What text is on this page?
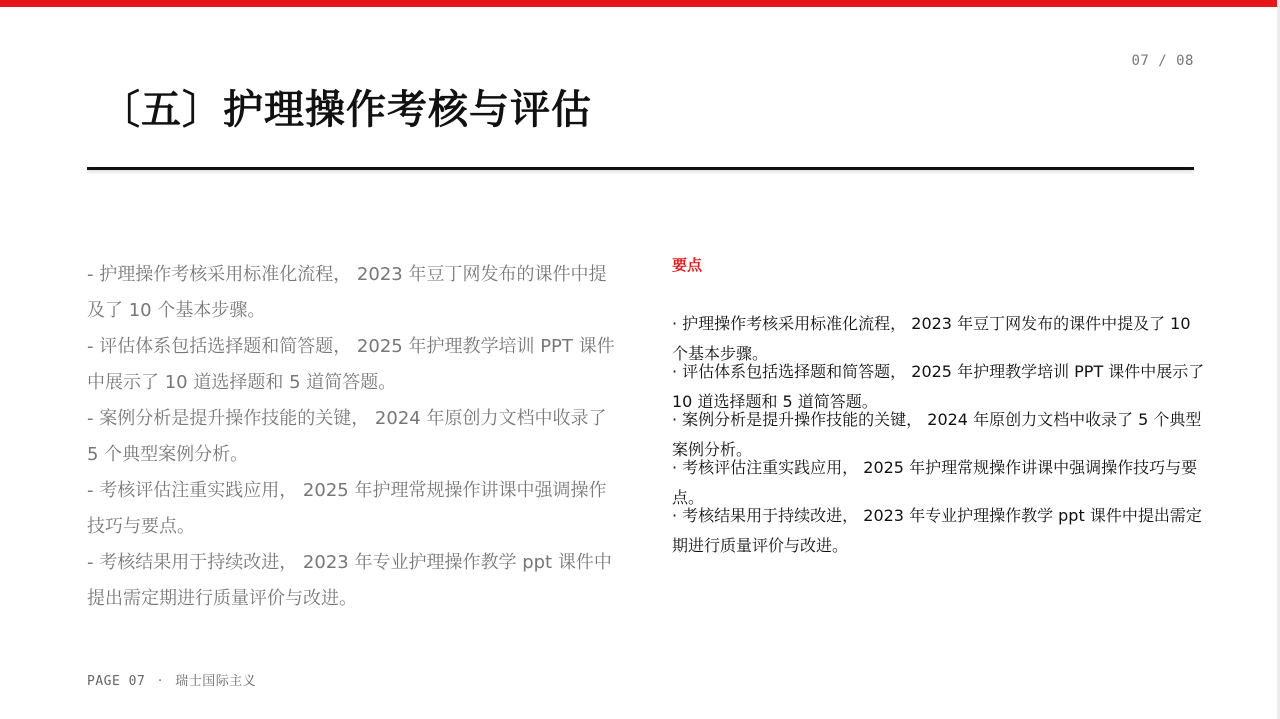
07 / 08
〔五〕护理操作考核与评估
- 护理操作考核采用标准化流程， 2023 年豆丁网发布的课件中提及了 10 个基本步骤。
- 评估体系包括选择题和简答题， 2025 年护理教学培训 PPT 课件中展示了 10 道选择题和 5 道简答题。
- 案例分析是提升操作技能的关键， 2024 年原创力文档中收录了 5 个典型案例分析。
- 考核评估注重实践应用， 2025 年护理常规操作讲课中强调操作技巧与要点。
- 考核结果用于持续改进， 2023 年专业护理操作教学 ppt 课件中提出需定期进行质量评价与改进。

要点

· 护理操作考核采用标准化流程， 2023 年豆丁网发布的课件中提及了 10 个基本步骤。
· 评估体系包括选择题和简答题， 2025 年护理教学培训 PPT 课件中展示了 10 道选择题和 5 道简答题。
· 案例分析是提升操作技能的关键， 2024 年原创力文档中收录了 5 个典型案例分析。
· 考核评估注重实践应用， 2025 年护理常规操作讲课中强调操作技巧与要点。
· 考核结果用于持续改进， 2023 年专业护理操作教学 ppt 课件中提出需定期进行质量评价与改进。
PAGE 07 · 瑞士国际主义
